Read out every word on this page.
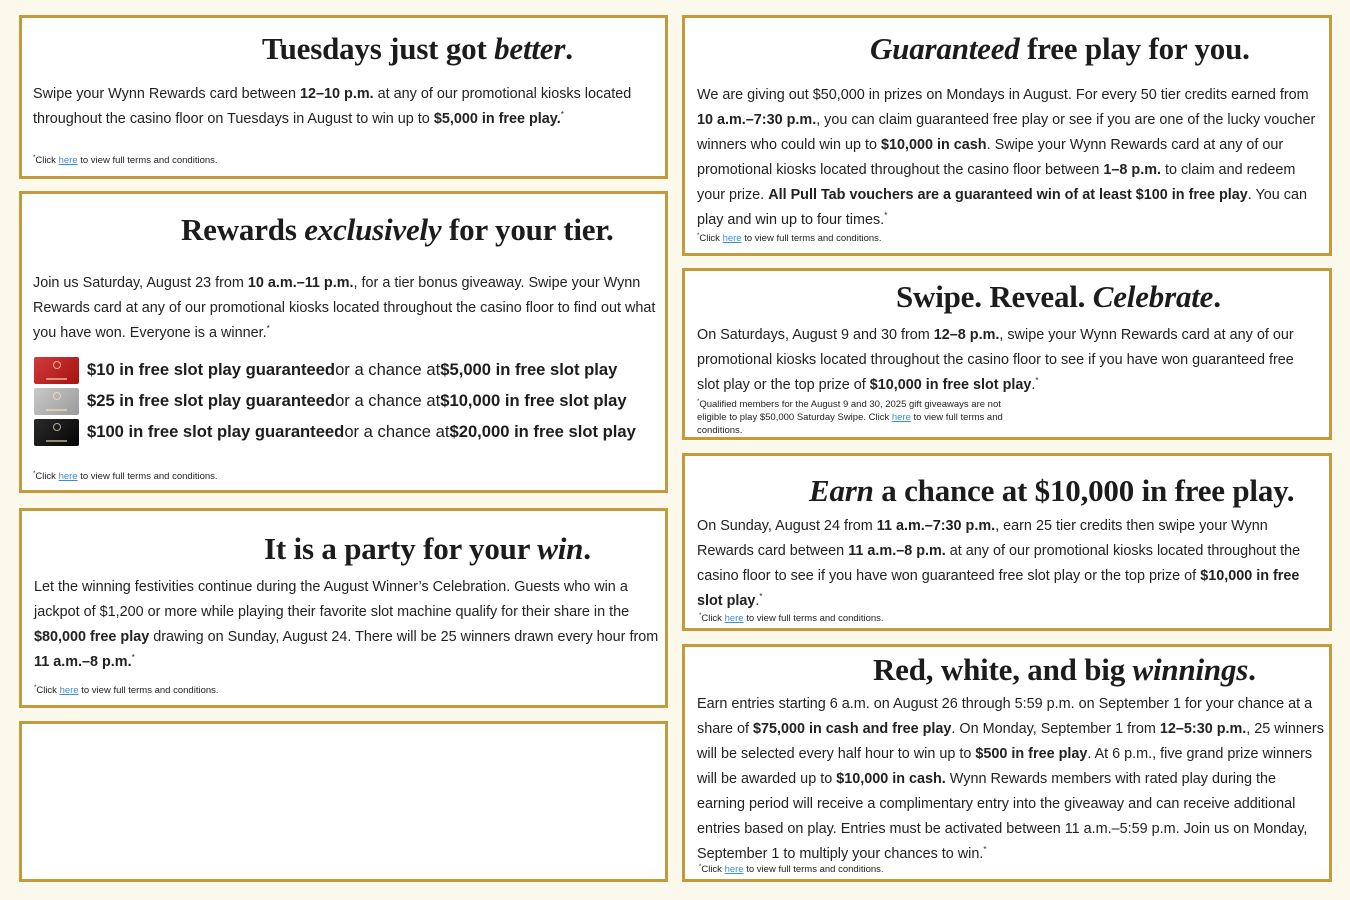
Tuesdays just got better.

Swipe your Wynn Rewards card between 12–10 p.m. at any of our promotional kiosks located throughout the casino floor on Tuesdays in August to win up to $5,000 in free play.*

*Click here to view full terms and conditions.

Rewards exclusively for your tier.

Join us Saturday, August 23 from 10 a.m.–11 p.m., for a tier bonus giveaway. Swipe your Wynn Rewards card at any of our promotional kiosks located throughout the casino floor to find out what you have won. Everyone is a winner.*

$10 in free slot play guaranteed or a chance at $5,000 in free slot play
$25 in free slot play guaranteed or a chance at $10,000 in free slot play
$100 in free slot play guaranteed or a chance at $20,000 in free slot play

*Click here to view full terms and conditions.

It is a party for your win.

Let the winning festivities continue during the August Winner’s Celebration. Guests who win a jackpot of $1,200 or more while playing their favorite slot machine qualify for their share in the $80,000 free play drawing on Sunday, August 24. There will be 25 winners drawn every hour from 11 a.m.–8 p.m.*

*Click here to view full terms and conditions.

Guaranteed free play for you.

We are giving out $50,000 in prizes on Mondays in August. For every 50 tier credits earned from 10 a.m.–7:30 p.m., you can claim guaranteed free play or see if you are one of the lucky voucher winners who could win up to $10,000 in cash. Swipe your Wynn Rewards card at any of our promotional kiosks located throughout the casino floor between 1–8 p.m. to claim and redeem your prize. All Pull Tab vouchers are a guaranteed win of at least $100 in free play. You can play and win up to four times.*

*Click here to view full terms and conditions.

Swipe. Reveal. Celebrate.

On Saturdays, August 9 and 30 from 12–8 p.m., swipe your Wynn Rewards card at any of our promotional kiosks located throughout the casino floor to see if you have won guaranteed free slot play or the top prize of $10,000 in free slot play.*

*Qualified members for the August 9 and 30, 2025 gift giveaways are not eligible to play $50,000 Saturday Swipe. Click here to view full terms and conditions.

Earn a chance at $10,000 in free play.

On Sunday, August 24 from 11 a.m.–7:30 p.m., earn 25 tier credits then swipe your Wynn Rewards card between 11 a.m.–8 p.m. at any of our promotional kiosks located throughout the casino floor to see if you have won guaranteed free slot play or the top prize of $10,000 in free slot play.*

*Click here to view full terms and conditions.

Red, white, and big winnings.

Earn entries starting 6 a.m. on August 26 through 5:59 p.m. on September 1 for your chance at a share of $75,000 in cash and free play. On Monday, September 1 from 12–5:30 p.m., 25 winners will be selected every half hour to win up to $500 in free play. At 6 p.m., five grand prize winners will be awarded up to $10,000 in cash. Wynn Rewards members with rated play during the earning period will receive a complimentary entry into the giveaway and can receive additional entries based on play. Entries must be activated between 11 a.m.–5:59 p.m. Join us on Monday, September 1 to multiply your chances to win.*

*Click here to view full terms and conditions.
